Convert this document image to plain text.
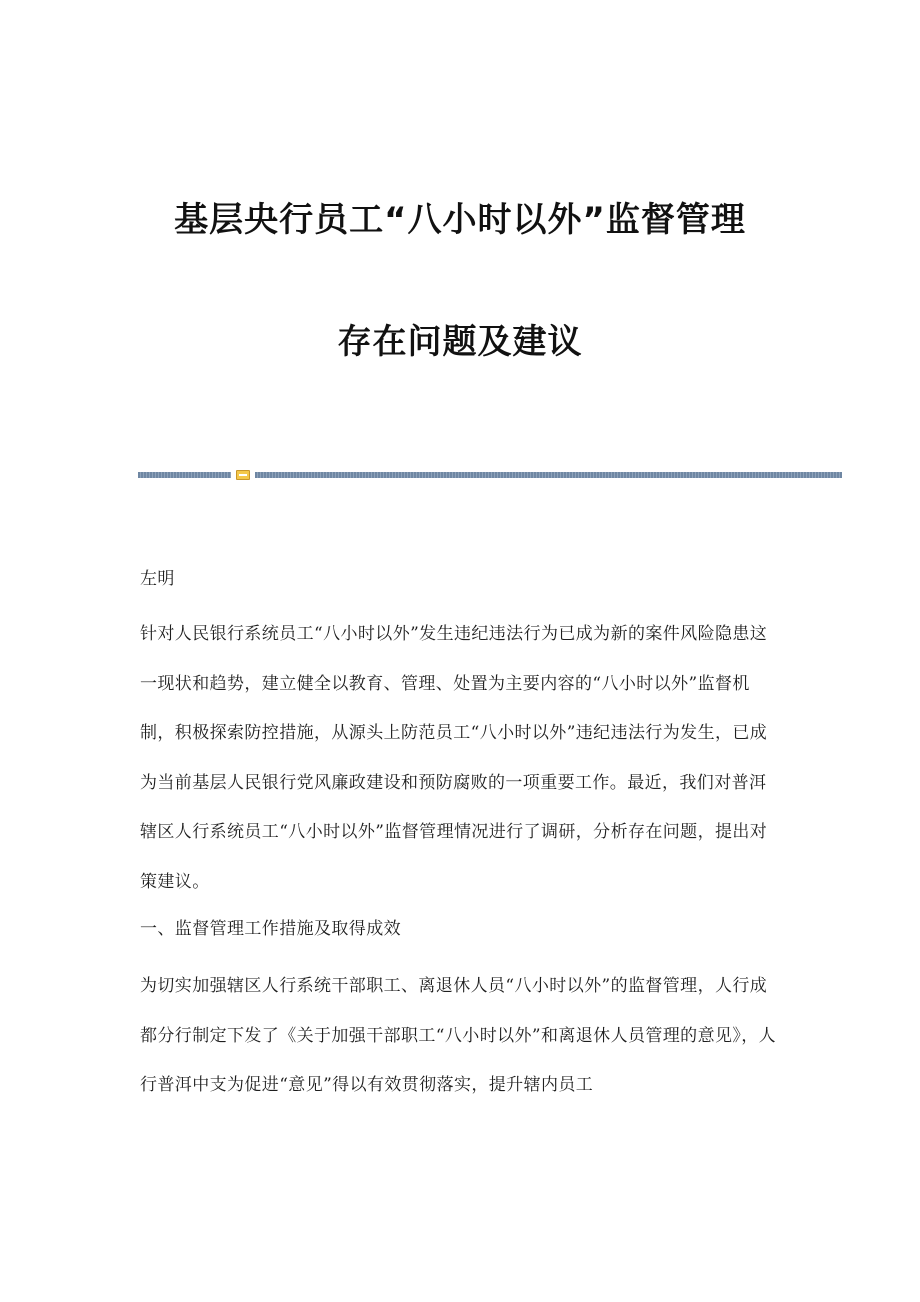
基层央行员工“八小时以外”监督管理
存在问题及建议

左明

针对人民银行系统员工“八小时以外”发生违纪违法行为已成为新的案件风险隐患这一现状和趋势，建立健全以教育、管理、处置为主要内容的“八小时以外”监督机制，积极探索防控措施，从源头上防范员工“八小时以外”违纪违法行为发生，已成为当前基层人民银行党风廉政建设和预防腐败的一项重要工作。最近，我们对普洱辖区人行系统员工“八小时以外”监督管理情况进行了调研，分析存在问题，提出对策建议。

一、监督管理工作措施及取得成效

为切实加强辖区人行系统干部职工、离退休人员“八小时以外”的监督管理，人行成都分行制定下发了《关于加强干部职工“八小时以外”和离退休人员管理的意见》，人行普洱中支为促进“意见”得以有效贯彻落实，提升辖内员工
